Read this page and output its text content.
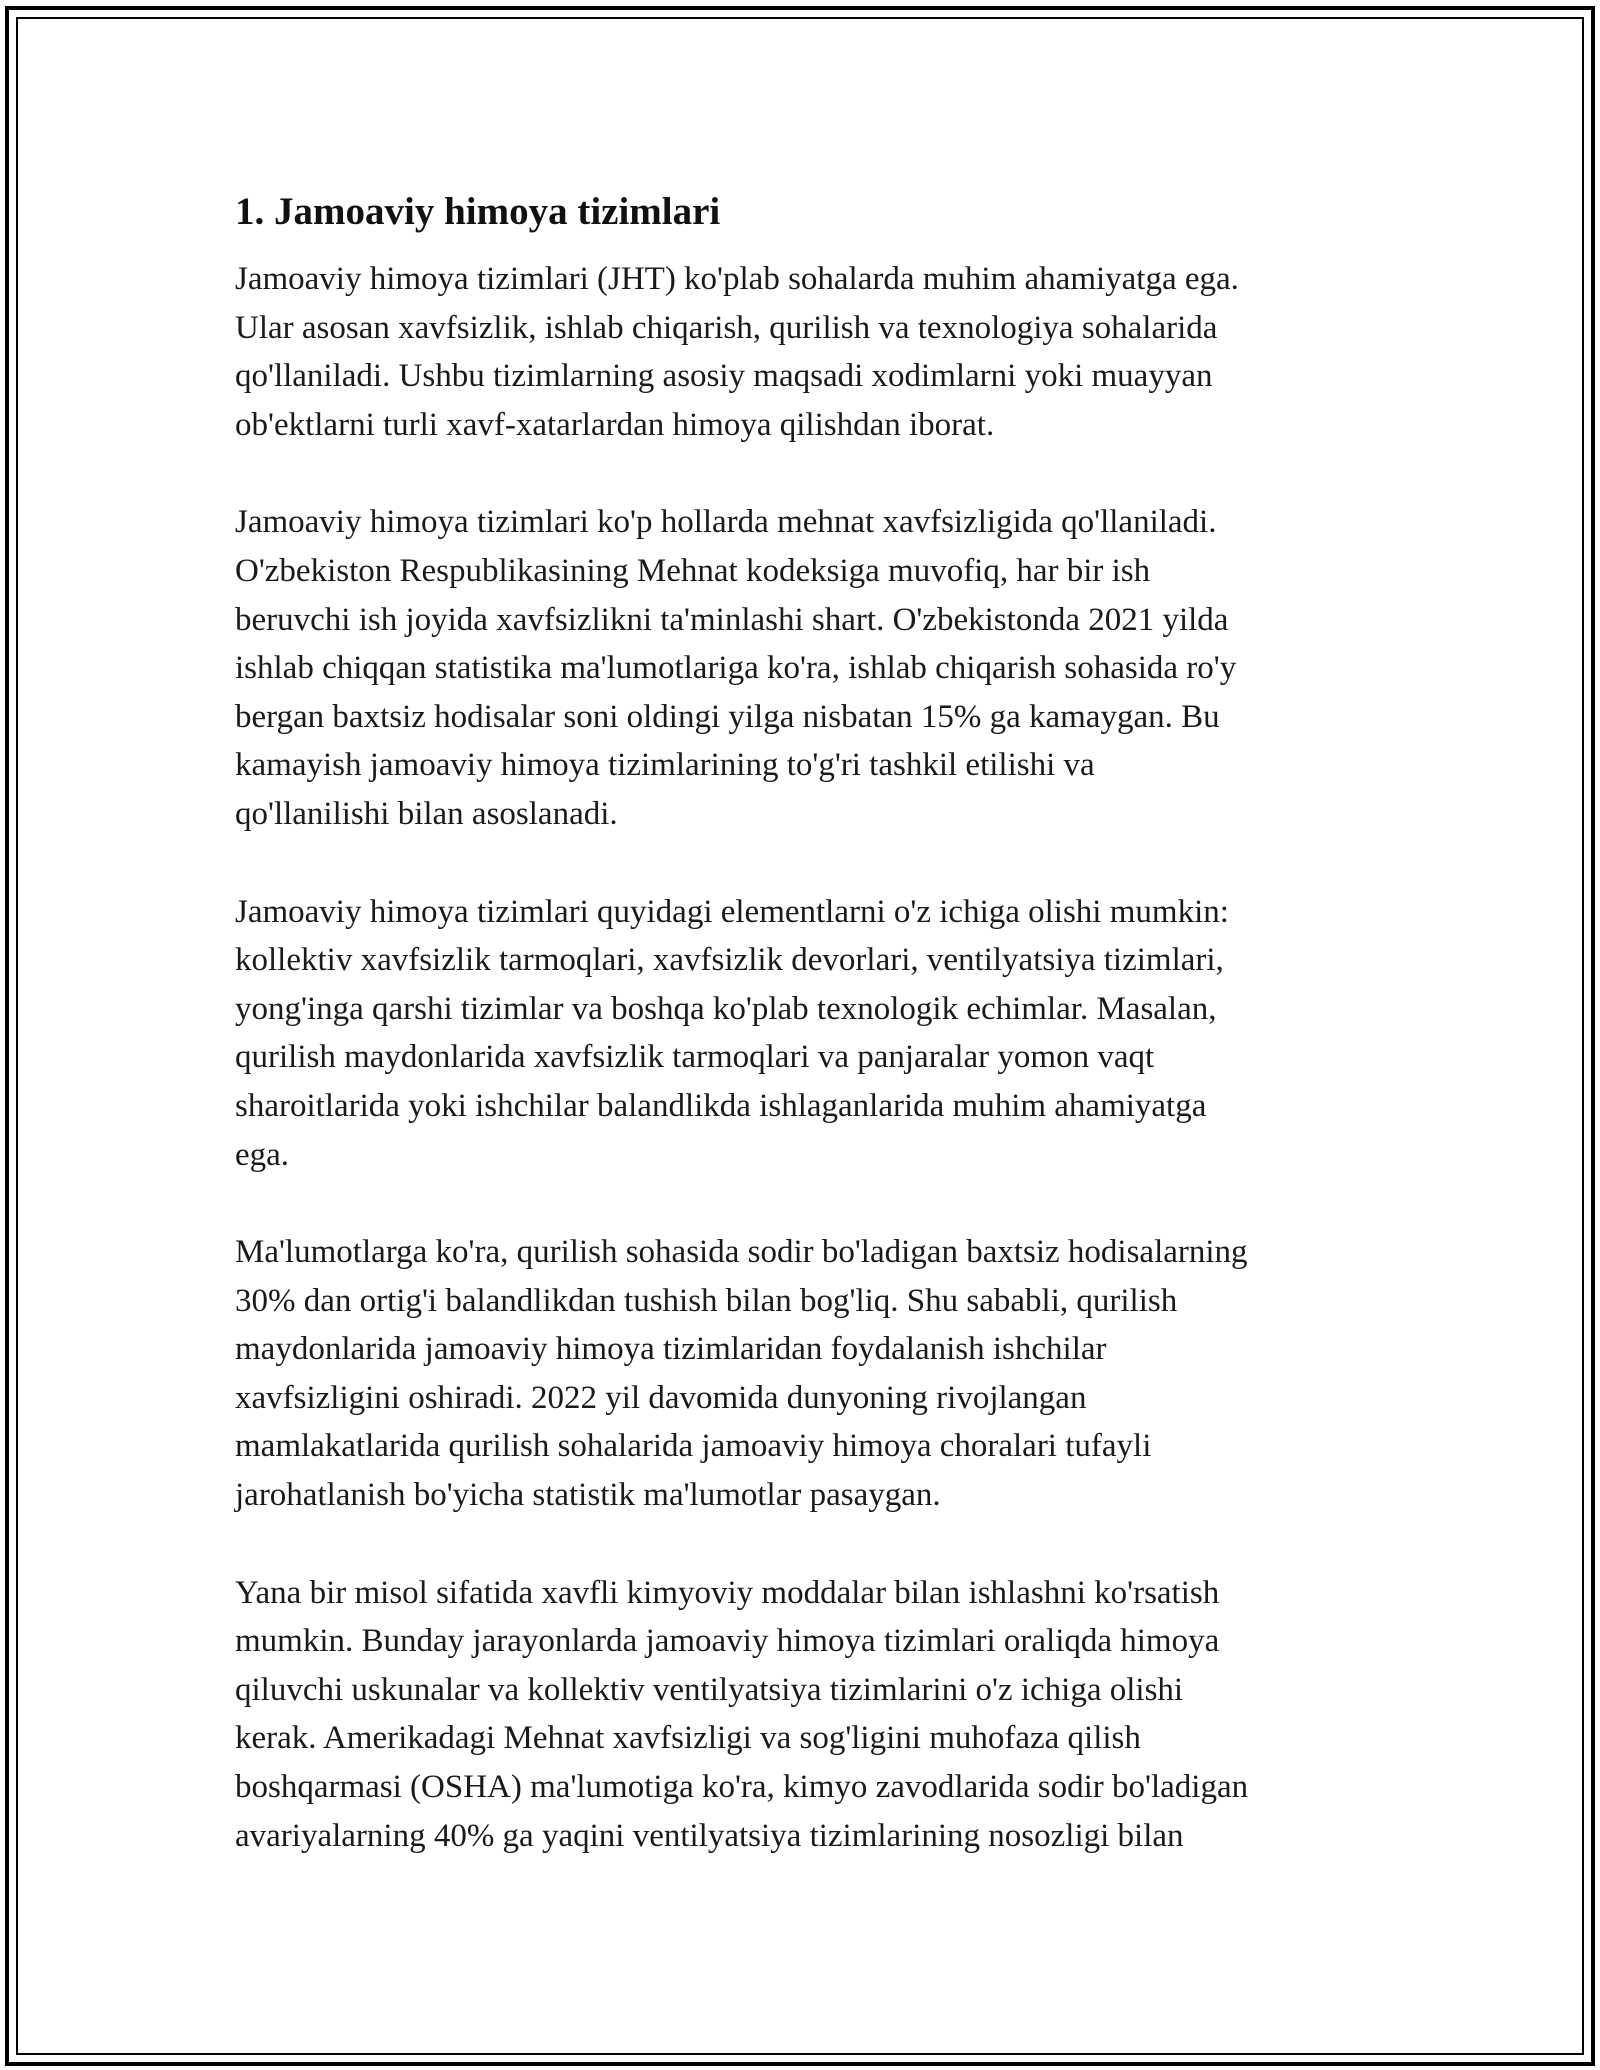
1. Jamoaviy himoya tizimlari

Jamoaviy himoya tizimlari (JHT) ko'plab sohalarda muhim ahamiyatga ega.
Ular asosan xavfsizlik, ishlab chiqarish, qurilish va texnologiya sohalarida
qo'llaniladi. Ushbu tizimlarning asosiy maqsadi xodimlarni yoki muayyan
ob'ektlarni turli xavf-xatarlardan himoya qilishdan iborat.

Jamoaviy himoya tizimlari ko'p hollarda mehnat xavfsizligida qo'llaniladi.
O'zbekiston Respublikasining Mehnat kodeksiga muvofiq, har bir ish
beruvchi ish joyida xavfsizlikni ta'minlashi shart. O'zbekistonda 2021 yilda
ishlab chiqqan statistika ma'lumotlariga ko'ra, ishlab chiqarish sohasida ro'y
bergan baxtsiz hodisalar soni oldingi yilga nisbatan 15% ga kamaygan. Bu
kamayish jamoaviy himoya tizimlarining to'g'ri tashkil etilishi va
qo'llanilishi bilan asoslanadi.

Jamoaviy himoya tizimlari quyidagi elementlarni o'z ichiga olishi mumkin:
kollektiv xavfsizlik tarmoqlari, xavfsizlik devorlari, ventilyatsiya tizimlari,
yong'inga qarshi tizimlar va boshqa ko'plab texnologik echimlar. Masalan,
qurilish maydonlarida xavfsizlik tarmoqlari va panjaralar yomon vaqt
sharoitlarida yoki ishchilar balandlikda ishlaganlarida muhim ahamiyatga
ega.

Ma'lumotlarga ko'ra, qurilish sohasida sodir bo'ladigan baxtsiz hodisalarning
30% dan ortig'i balandlikdan tushish bilan bog'liq. Shu sababli, qurilish
maydonlarida jamoaviy himoya tizimlaridan foydalanish ishchilar
xavfsizligini oshiradi. 2022 yil davomida dunyoning rivojlangan
mamlakatlarida qurilish sohalarida jamoaviy himoya choralari tufayli
jarohatlanish bo'yicha statistik ma'lumotlar pasaygan.

Yana bir misol sifatida xavfli kimyoviy moddalar bilan ishlashni ko'rsatish
mumkin. Bunday jarayonlarda jamoaviy himoya tizimlari oraliqda himoya
qiluvchi uskunalar va kollektiv ventilyatsiya tizimlarini o'z ichiga olishi
kerak. Amerikadagi Mehnat xavfsizligi va sog'ligini muhofaza qilish
boshqarmasi (OSHA) ma'lumotiga ko'ra, kimyo zavodlarida sodir bo'ladigan
avariyalarning 40% ga yaqini ventilyatsiya tizimlarining nosozligi bilan
